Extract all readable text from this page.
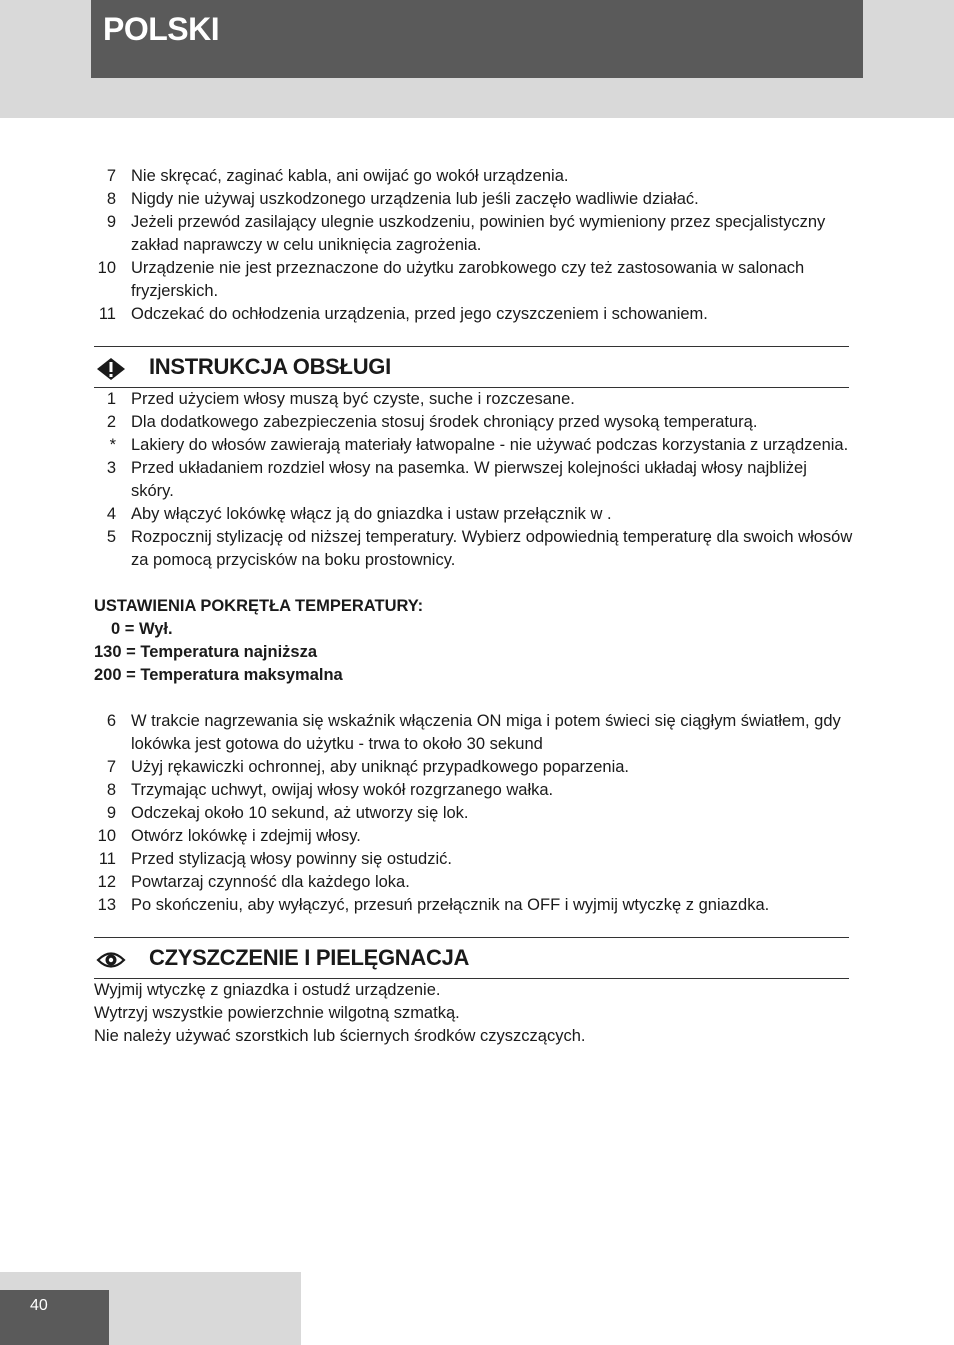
POLSKI
7 Nie skręcać, zaginać kabla, ani owijać go wokół urządzenia.
8 Nigdy nie używaj uszkodzonego urządzenia lub jeśli zaczęło wadliwie działać.
9 Jeżeli przewód zasilający ulegnie uszkodzeniu, powinien być wymieniony przez specjalistyczny zakład naprawczy w celu uniknięcia zagrożenia.
10 Urządzenie nie jest przeznaczone do użytku zarobkowego czy też zastosowania w salonach fryzjerskich.
11 Odczekać do ochłodzenia urządzenia, przed jego czyszczeniem i schowaniem.
INSTRUKCJA OBSŁUGI
1 Przed użyciem włosy muszą być czyste, suche i rozczesane.
2 Dla dodatkowego zabezpieczenia stosuj środek chroniący przed wysoką temperaturą.
* Lakiery do włosów zawierają materiały łatwopalne - nie używać podczas korzystania z urządzenia.
3 Przed układaniem rozdziel włosy na pasemka. W pierwszej kolejności układaj włosy najbliżej skóry.
4 Aby włączyć lokówkę włącz ją do gniazdka i ustaw przełącznik w .
5 Rozpocznij stylizację od niższej temperatury. Wybierz odpowiednią temperaturę dla swoich włosów za pomocą przycisków na boku prostownicy.
USTAWIENIA POKRĘTŁA TEMPERATURY:
0 = Wył.
130 = Temperatura najniższa
200 = Temperatura maksymalna
6 W trakcie nagrzewania się wskaźnik włączenia ON miga i potem świeci się ciągłym światłem, gdy lokówka jest gotowa do użytku - trwa to około 30 sekund
7 Użyj rękawiczki ochronnej, aby uniknąć przypadkowego poparzenia.
8 Trzymając uchwyt, owijaj włosy wokół rozgrzanego wałka.
9 Odczekaj około 10 sekund, aż utworzy się lok.
10 Otwórz lokówkę i zdejmij włosy.
11 Przed stylizacją włosy powinny się ostudzić.
12 Powtarzaj czynność dla każdego loka.
13 Po skończeniu, aby wyłączyć, przesuń przełącznik na OFF i wyjmij wtyczkę z gniazdka.
CZYSZCZENIE I PIELĘGNACJA
Wyjmij wtyczkę z gniazdka i ostudź urządzenie.
Wytrzyj wszystkie powierzchnie wilgotną szmatką.
Nie należy używać szorstkich lub ściernych środków czyszczących.
40
